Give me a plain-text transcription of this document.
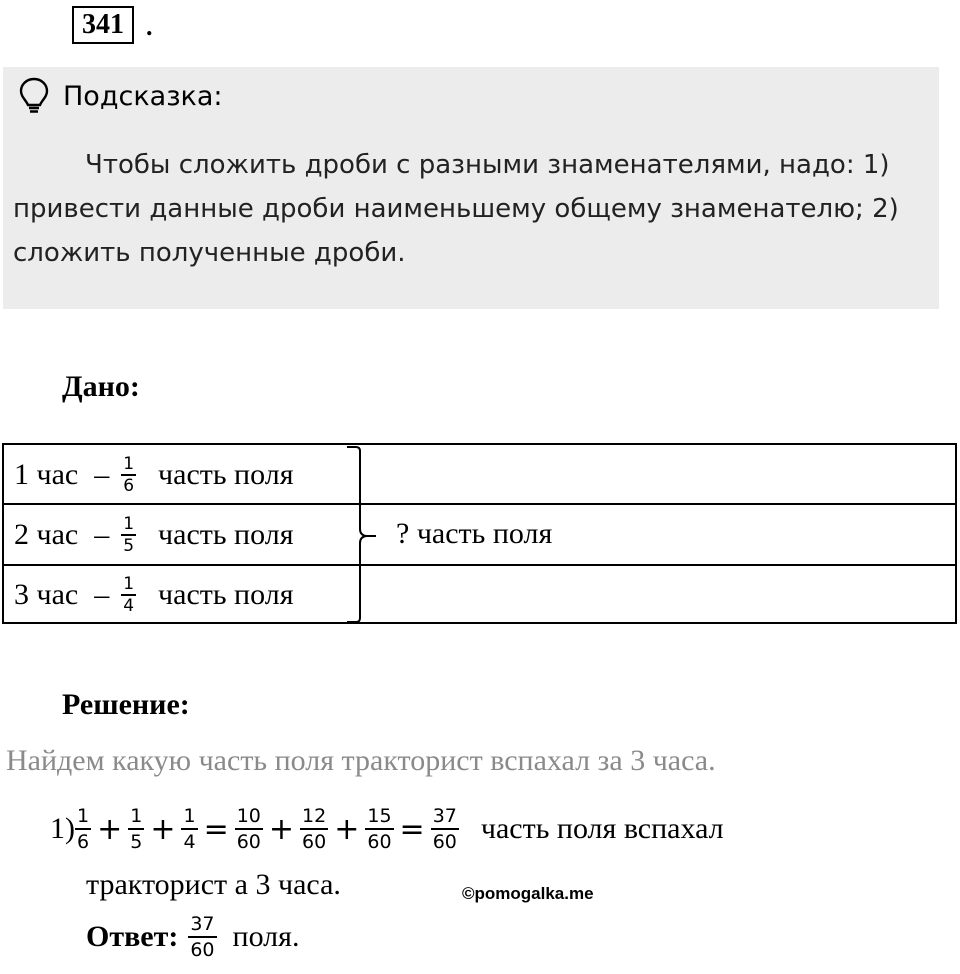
341 .
Подсказка:
Чтобы сложить дроби с разными знаменателями, надо: 1) привести данные дроби наименьшему общему знаменателю; 2) сложить полученные дроби.
Дано:
1 час – $\frac{1}{6}$ часть поля
2 час – $\frac{1}{5}$ часть поля
3 час – $\frac{1}{4}$ часть поля
? часть поля
Решение:
Найдем какую часть поля тракторист вспахал за 3 часа.
$1) \frac{1}{6} + \frac{1}{5} + \frac{1}{4} = \frac{10}{60} + \frac{12}{60} + \frac{15}{60} = \frac{37}{60}$ часть поля вспахал
тракторист а 3 часа.	©pomogalka.me
Ответ: $\frac{37}{60}$ поля.
